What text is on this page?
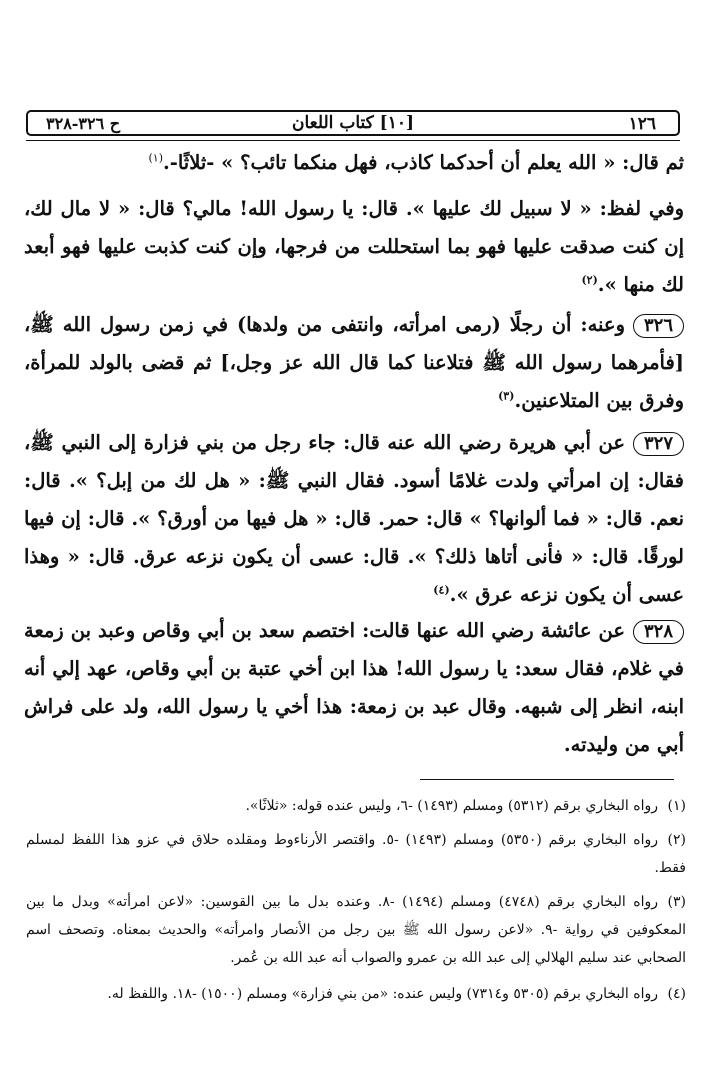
١٢٦
[١٠] كتاب اللعان
ح ٣٢٦-٣٢٨
ثم قال: « الله يعلم أن أحدكما كاذب، فهل منكما تائب؟ » -ثلاثًا-.$^{(١)}$
وفي لفظ: « لا سبيل لك عليها ». قال: يا رسول الله! مالي؟ قال: « لا مال لك، إن كنت صدقت عليها فهو بما استحللت من فرجها، وإن كنت كذبت عليها فهو أبعد لك منها ».$^{(٢)}$
٣٢٦وعنه: أن رجلًا (رمى امرأته، وانتفى من ولدها) في زمن رسول الله ﷺ، [فأمرهما رسول الله ﷺ فتلاعنا كما قال الله عز وجل،] ثم قضى بالولد للمرأة، وفرق بين المتلاعنين.$^{(٣)}$
٣٢٧عن أبي هريرة رضي الله عنه قال: جاء رجل من بني فزارة إلى النبي ﷺ، فقال: إن امرأتي ولدت غلامًا أسود. فقال النبي ﷺ: « هل لك من إبل؟ ». قال: نعم. قال: « فما ألوانها؟ » قال: حمر. قال: « هل فيها من أورق؟ ». قال: إن فيها لورقًا. قال: « فأنى أتاها ذلك؟ ». قال: عسى أن يكون نزعه عرق. قال: « وهذا عسى أن يكون نزعه عرق ».$^{(٤)}$
٣٢٨عن عائشة رضي الله عنها قالت: اختصم سعد بن أبي وقاص وعبد بن زمعة في غلام، فقال سعد: يا رسول الله! هذا ابن أخي عتبة بن أبي وقاص، عهد إلي أنه ابنه، انظر إلى شبهه. وقال عبد بن زمعة: هذا أخي يا رسول الله، ولد على فراش أبي من وليدته.
(١)رواه البخاري برقم (٥٣١٢) ومسلم (١٤٩٣) -٦، وليس عنده قوله: «ثلاثًا».
(٢)رواه البخاري برقم (٥٣٥٠) ومسلم (١٤٩٣) -٥. واقتصر الأرناءوط ومقلده حلاق في عزو هذا اللفظ لمسلم فقط.
(٣)رواه البخاري برقم (٤٧٤٨) ومسلم (١٤٩٤) -٨. وعنده بدل ما بين القوسين: «لاعن امرأته» وبدل ما بين المعكوفين في رواية -٩. «لاعن رسول الله ﷺ بين رجل من الأنصار وامرأته» والحديث بمعناه. وتصحف اسم الصحابي عند سليم الهلالي إلى عبد الله بن عمرو والصواب أنه عبد الله بن عُمر.
(٤)رواه البخاري برقم (٥٣٠٥ و٧٣١٤) وليس عنده: «من بني فزارة» ومسلم (١٥٠٠) -١٨. واللفظ له.
